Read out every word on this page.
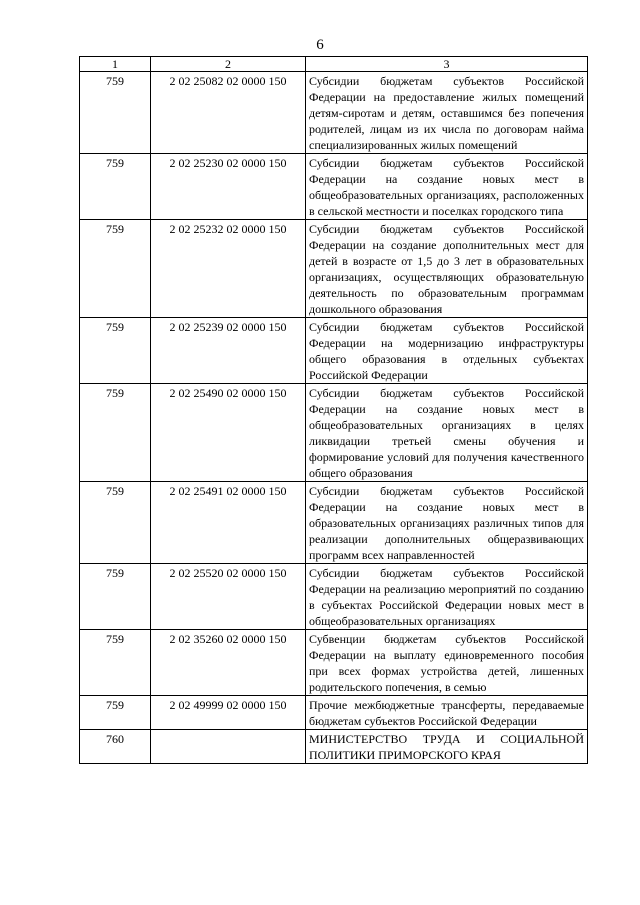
6
1	2	3
759	2 02 25082 02 0000 150	Субсидии бюджетам субъектов Российской Федерации на предоставление жилых помещений детям-сиротам и детям, оставшимся без попечения родителей, лицам из их числа по договорам найма специализированных жилых помещений
759	2 02 25230 02 0000 150	Субсидии бюджетам субъектов Российской Федерации на создание новых мест в общеобразовательных организациях, расположенных в сельской местности и поселках городского типа
759	2 02 25232 02 0000 150	Субсидии бюджетам субъектов Российской Федерации на создание дополнительных мест для детей в возрасте от 1,5 до 3 лет в образовательных организациях, осуществляющих образовательную деятельность по образовательным программам дошкольного образования
759	2 02 25239 02 0000 150	Субсидии бюджетам субъектов Российской Федерации на модернизацию инфраструктуры общего образования в отдельных субъектах Российской Федерации
759	2 02 25490 02 0000 150	Субсидии бюджетам субъектов Российской Федерации на создание новых мест в общеобразовательных организациях в целях ликвидации третьей смены обучения и формирование условий для получения качественного общего образования
759	2 02 25491 02 0000 150	Субсидии бюджетам субъектов Российской Федерации на создание новых мест в образовательных организациях различных типов для реализации дополнительных общеразвивающих программ всех направленностей
759	2 02 25520 02 0000 150	Субсидии бюджетам субъектов Российской Федерации на реализацию мероприятий по созданию в субъектах Российской Федерации новых мест в общеобразовательных организациях
759	2 02 35260 02 0000 150	Субвенции бюджетам субъектов Российской Федерации на выплату единовременного пособия при всех формах устройства детей, лишенных родительского попечения, в семью
759	2 02 49999 02 0000 150	Прочие межбюджетные трансферты, передаваемые бюджетам субъектов Российской Федерации
760		МИНИСТЕРСТВО ТРУДА И СОЦИАЛЬНОЙ ПОЛИТИКИ ПРИМОРСКОГО КРАЯ
